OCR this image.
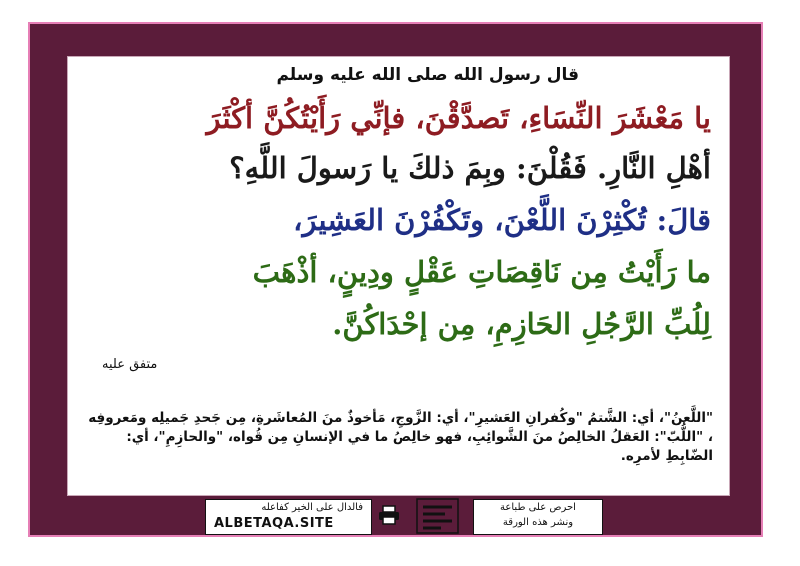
قال رسول الله صلى الله عليه وسلم
يا مَعْشَرَ النِّسَاءِ، تَصدَّقْنَ، فإنِّي رَأَيْتُكُنَّ أكْثَرَ
أهْلِ النَّارِ. فَقُلْنَ: وبِمَ ذلكَ يا رَسولَ اللَّهِ؟
قالَ: تُكْثِرْنَ اللَّعْنَ، وتَكْفُرْنَ العَشِيرَ،
ما رَأَيْتُ مِن نَاقِصَاتِ عَقْلٍ ودِينٍ، أذْهَبَ
لِلُبِّ الرَّجُلِ الحَازِمِ، مِن إحْدَاكُنَّ.
متفق عليه
"اللَّعنُ"، أي: الشَّتمُ "وكُفرانِ العَشيرِ"، أي: الزَّوجِ، مَأخوذٌ منَ المُعاشَرةِ، مِن جَحدِ جَميلِه ومَعروفِه ، "اللُّبّ": العَقلُ الخالِصُ منَ الشَّوائِبِ، فهو خالِصُ ما في الإنسانِ مِن قُواه، "والحازِمِ"، أي: الضّابِطِ لأمرِه.
فالدال على الخير كفاعله
ALBETAQA.SITE
احرص على طباعة
ونشر هذه الورقة
